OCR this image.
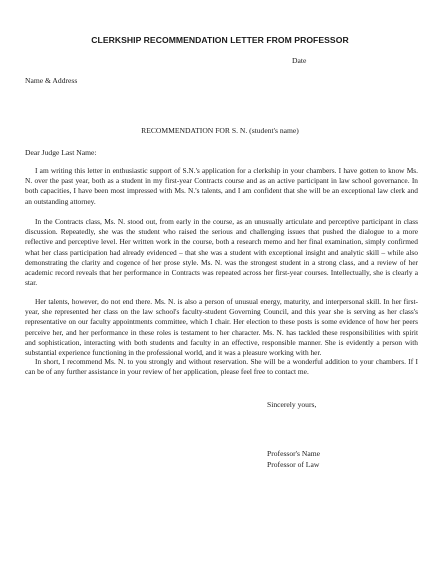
CLERKSHIP RECOMMENDATION LETTER FROM PROFESSOR
Date
Name & Address
RECOMMENDATION FOR S. N. (student's name)
Dear Judge Last Name:

I am writing this letter in enthusiastic support of S.N.'s application for a clerkship in your chambers. I have gotten to know Ms. N. over the past year, both as a student in my first-year Contracts course and as an active participant in law school governance. In both capacities, I have been most impressed with Ms. N.'s talents, and I am confident that she will be an exceptional law clerk and an outstanding attorney.

In the Contracts class, Ms. N. stood out, from early in the course, as an unusually articulate and perceptive participant in class discussion. Repeatedly, she was the student who raised the serious and challenging issues that pushed the dialogue to a more reflective and perceptive level. Her written work in the course, both a research memo and her final examination, simply confirmed what her class participation had already evidenced – that she was a student with exceptional insight and analytic skill – while also demonstrating the clarity and cogence of her prose style. Ms. N. was the strongest student in a strong class, and a review of her academic record reveals that her performance in Contracts was repeated across her first-year courses. Intellectually, she is clearly a star.

Her talents, however, do not end there. Ms. N. is also a person of unusual energy, maturity, and interpersonal skill. In her first-year, she represented her class on the law school's faculty-student Governing Council, and this year she is serving as her class's representative on our faculty appointments committee, which I chair. Her election to these posts is some evidence of how her peers perceive her, and her performance in these roles is testament to her character. Ms. N. has tackled these responsibilities with spirit and sophistication, interacting with both students and faculty in an effective, responsible manner. She is evidently a person with substantial experience functioning in the professional world, and it was a pleasure working with her.

In short, I recommend Ms. N. to you strongly and without reservation. She will be a wonderful addition to your chambers. If I can be of any further assistance in your review of her application, please feel free to contact me.

Sincerely yours,
Professor's Name
Professor of Law
